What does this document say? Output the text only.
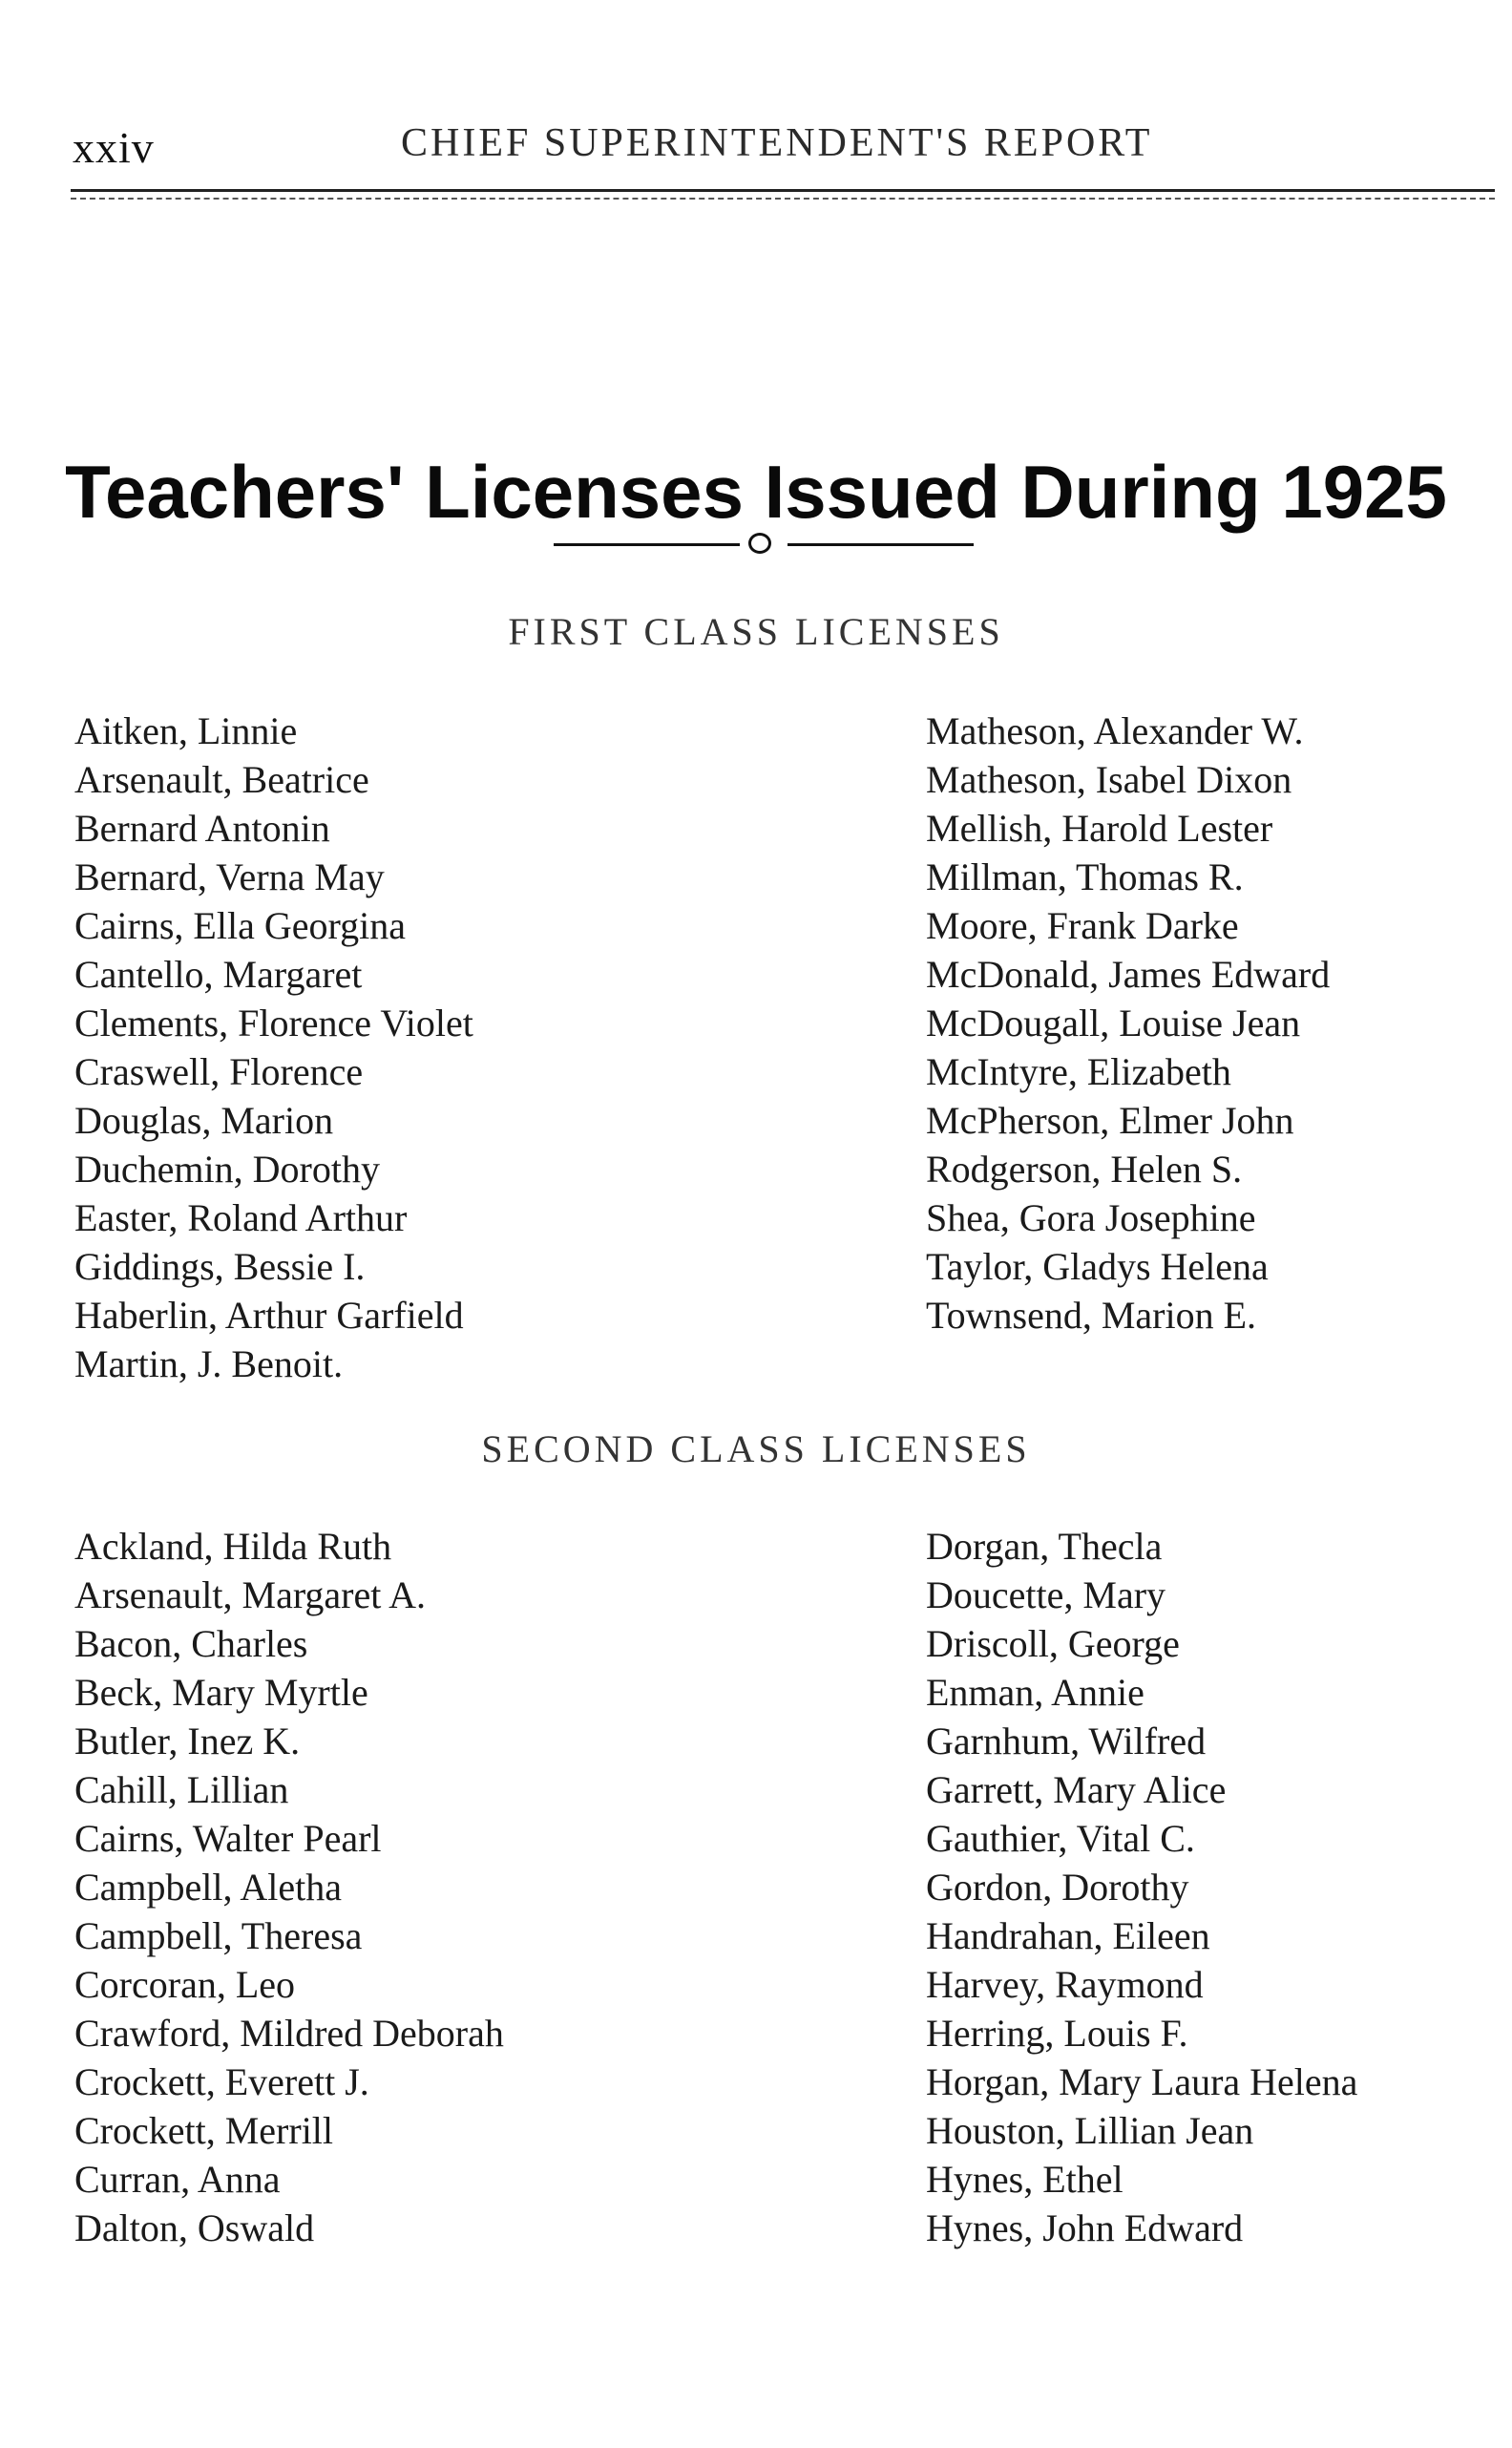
xxiv	CHIEF SUPERINTENDENT'S REPORT
Teachers' Licenses Issued During 1925
FIRST CLASS LICENSES
Aitken, Linnie
Arsenault, Beatrice
Bernard Antonin
Bernard, Verna May
Cairns, Ella Georgina
Cantello, Margaret
Clements, Florence Violet
Craswell, Florence
Douglas, Marion
Duchemin, Dorothy
Easter, Roland Arthur
Giddings, Bessie I.
Haberlin, Arthur Garfield
Martin, J. Benoit.
Matheson, Alexander W.
Matheson, Isabel Dixon
Mellish, Harold Lester
Millman, Thomas R.
Moore, Frank Darke
McDonald, James Edward
McDougall, Louise Jean
McIntyre, Elizabeth
McPherson, Elmer John
Rodgerson, Helen S.
Shea, Gora Josephine
Taylor, Gladys Helena
Townsend, Marion E.
SECOND CLASS LICENSES
Ackland, Hilda Ruth
Arsenault, Margaret A.
Bacon, Charles
Beck, Mary Myrtle
Butler, Inez K.
Cahill, Lillian
Cairns, Walter Pearl
Campbell, Aletha
Campbell, Theresa
Corcoran, Leo
Crawford, Mildred Deborah
Crockett, Everett J.
Crockett, Merrill
Curran, Anna
Dalton, Oswald
Dorgan, Thecla
Doucette, Mary
Driscoll, George
Enman, Annie
Garnhum, Wilfred
Garrett, Mary Alice
Gauthier, Vital C.
Gordon, Dorothy
Handrahan, Eileen
Harvey, Raymond
Herring, Louis F.
Horgan, Mary Laura Helena
Houston, Lillian Jean
Hynes, Ethel
Hynes, John Edward
